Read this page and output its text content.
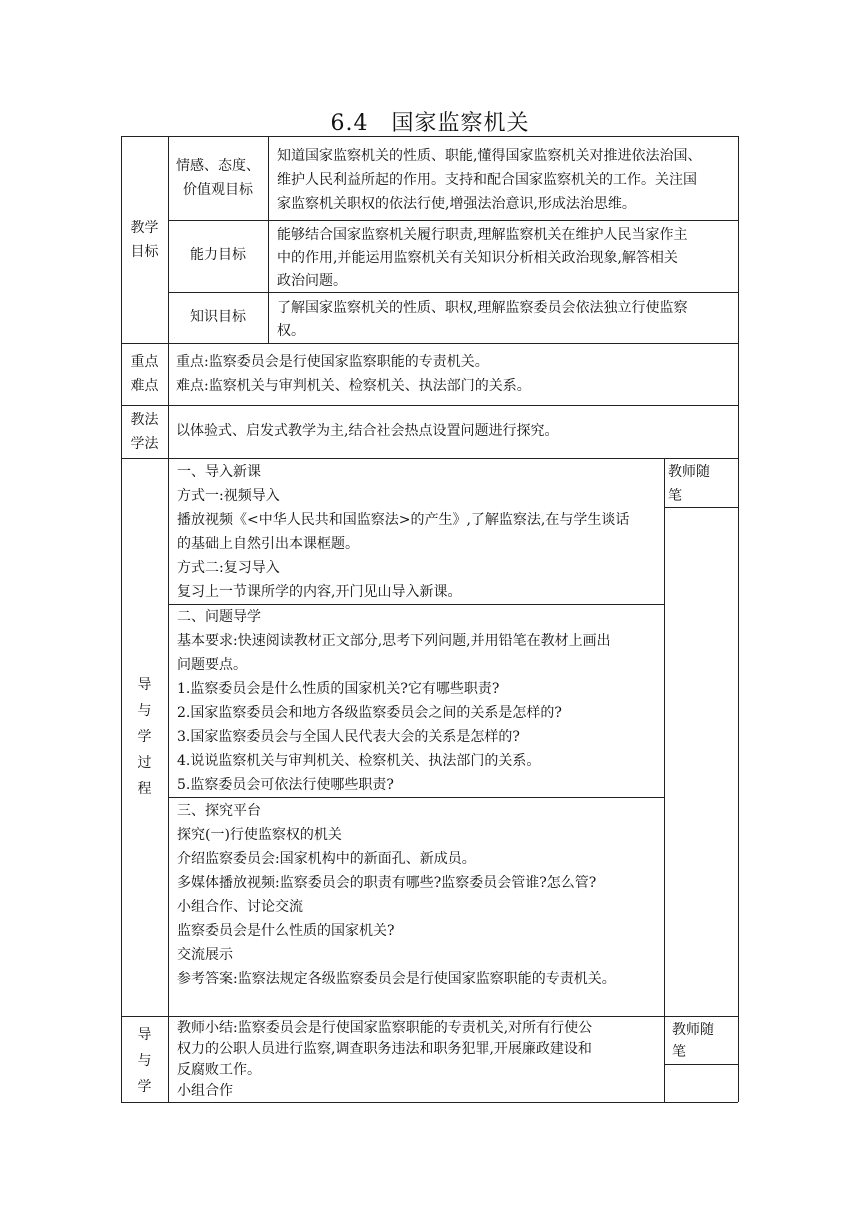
6.4　国家监察机关
教学
目标
情感、态度、
价值观目标
知道国家监察机关的性质、职能,懂得国家监察机关对推进依法治国、
维护人民利益所起的作用。支持和配合国家监察机关的工作。关注国
家监察机关职权的依法行使,增强法治意识,形成法治思维。
能力目标
能够结合国家监察机关履行职责,理解监察机关在维护人民当家作主
中的作用,并能运用监察机关有关知识分析相关政治现象,解答相关
政治问题。
知识目标
了解国家监察机关的性质、职权,理解监察委员会依法独立行使监察
权。
重点
难点
重点:监察委员会是行使国家监察职能的专责机关。
难点:监察机关与审判机关、检察机关、执法部门的关系。
教法
学法
以体验式、启发式教学为主,结合社会热点设置问题进行探究。
导
与
学
过
程
教师随
笔
一、导入新课
方式一:视频导入
播放视频《<中华人民共和国监察法>的产生》,了解监察法,在与学生谈话
的基础上自然引出本课框题。
方式二:复习导入
复习上一节课所学的内容,开门见山导入新课。
二、问题导学
基本要求:快速阅读教材正文部分,思考下列问题,并用铅笔在教材上画出
问题要点。
1.监察委员会是什么性质的国家机关?它有哪些职责?
2.国家监察委员会和地方各级监察委员会之间的关系是怎样的?
3.国家监察委员会与全国人民代表大会的关系是怎样的?
4.说说监察机关与审判机关、检察机关、执法部门的关系。
5.监察委员会可依法行使哪些职责?
三、探究平台
探究(一)行使监察权的机关
介绍监察委员会:国家机构中的新面孔、新成员。
多媒体播放视频:监察委员会的职责有哪些?监察委员会管谁?怎么管?
小组合作、讨论交流
监察委员会是什么性质的国家机关?
交流展示
参考答案:监察法规定各级监察委员会是行使国家监察职能的专责机关。
导
与
学
教师小结:监察委员会是行使国家监察职能的专责机关,对所有行使公
权力的公职人员进行监察,调查职务违法和职务犯罪,开展廉政建设和
反腐败工作。
小组合作
教师随
笔
